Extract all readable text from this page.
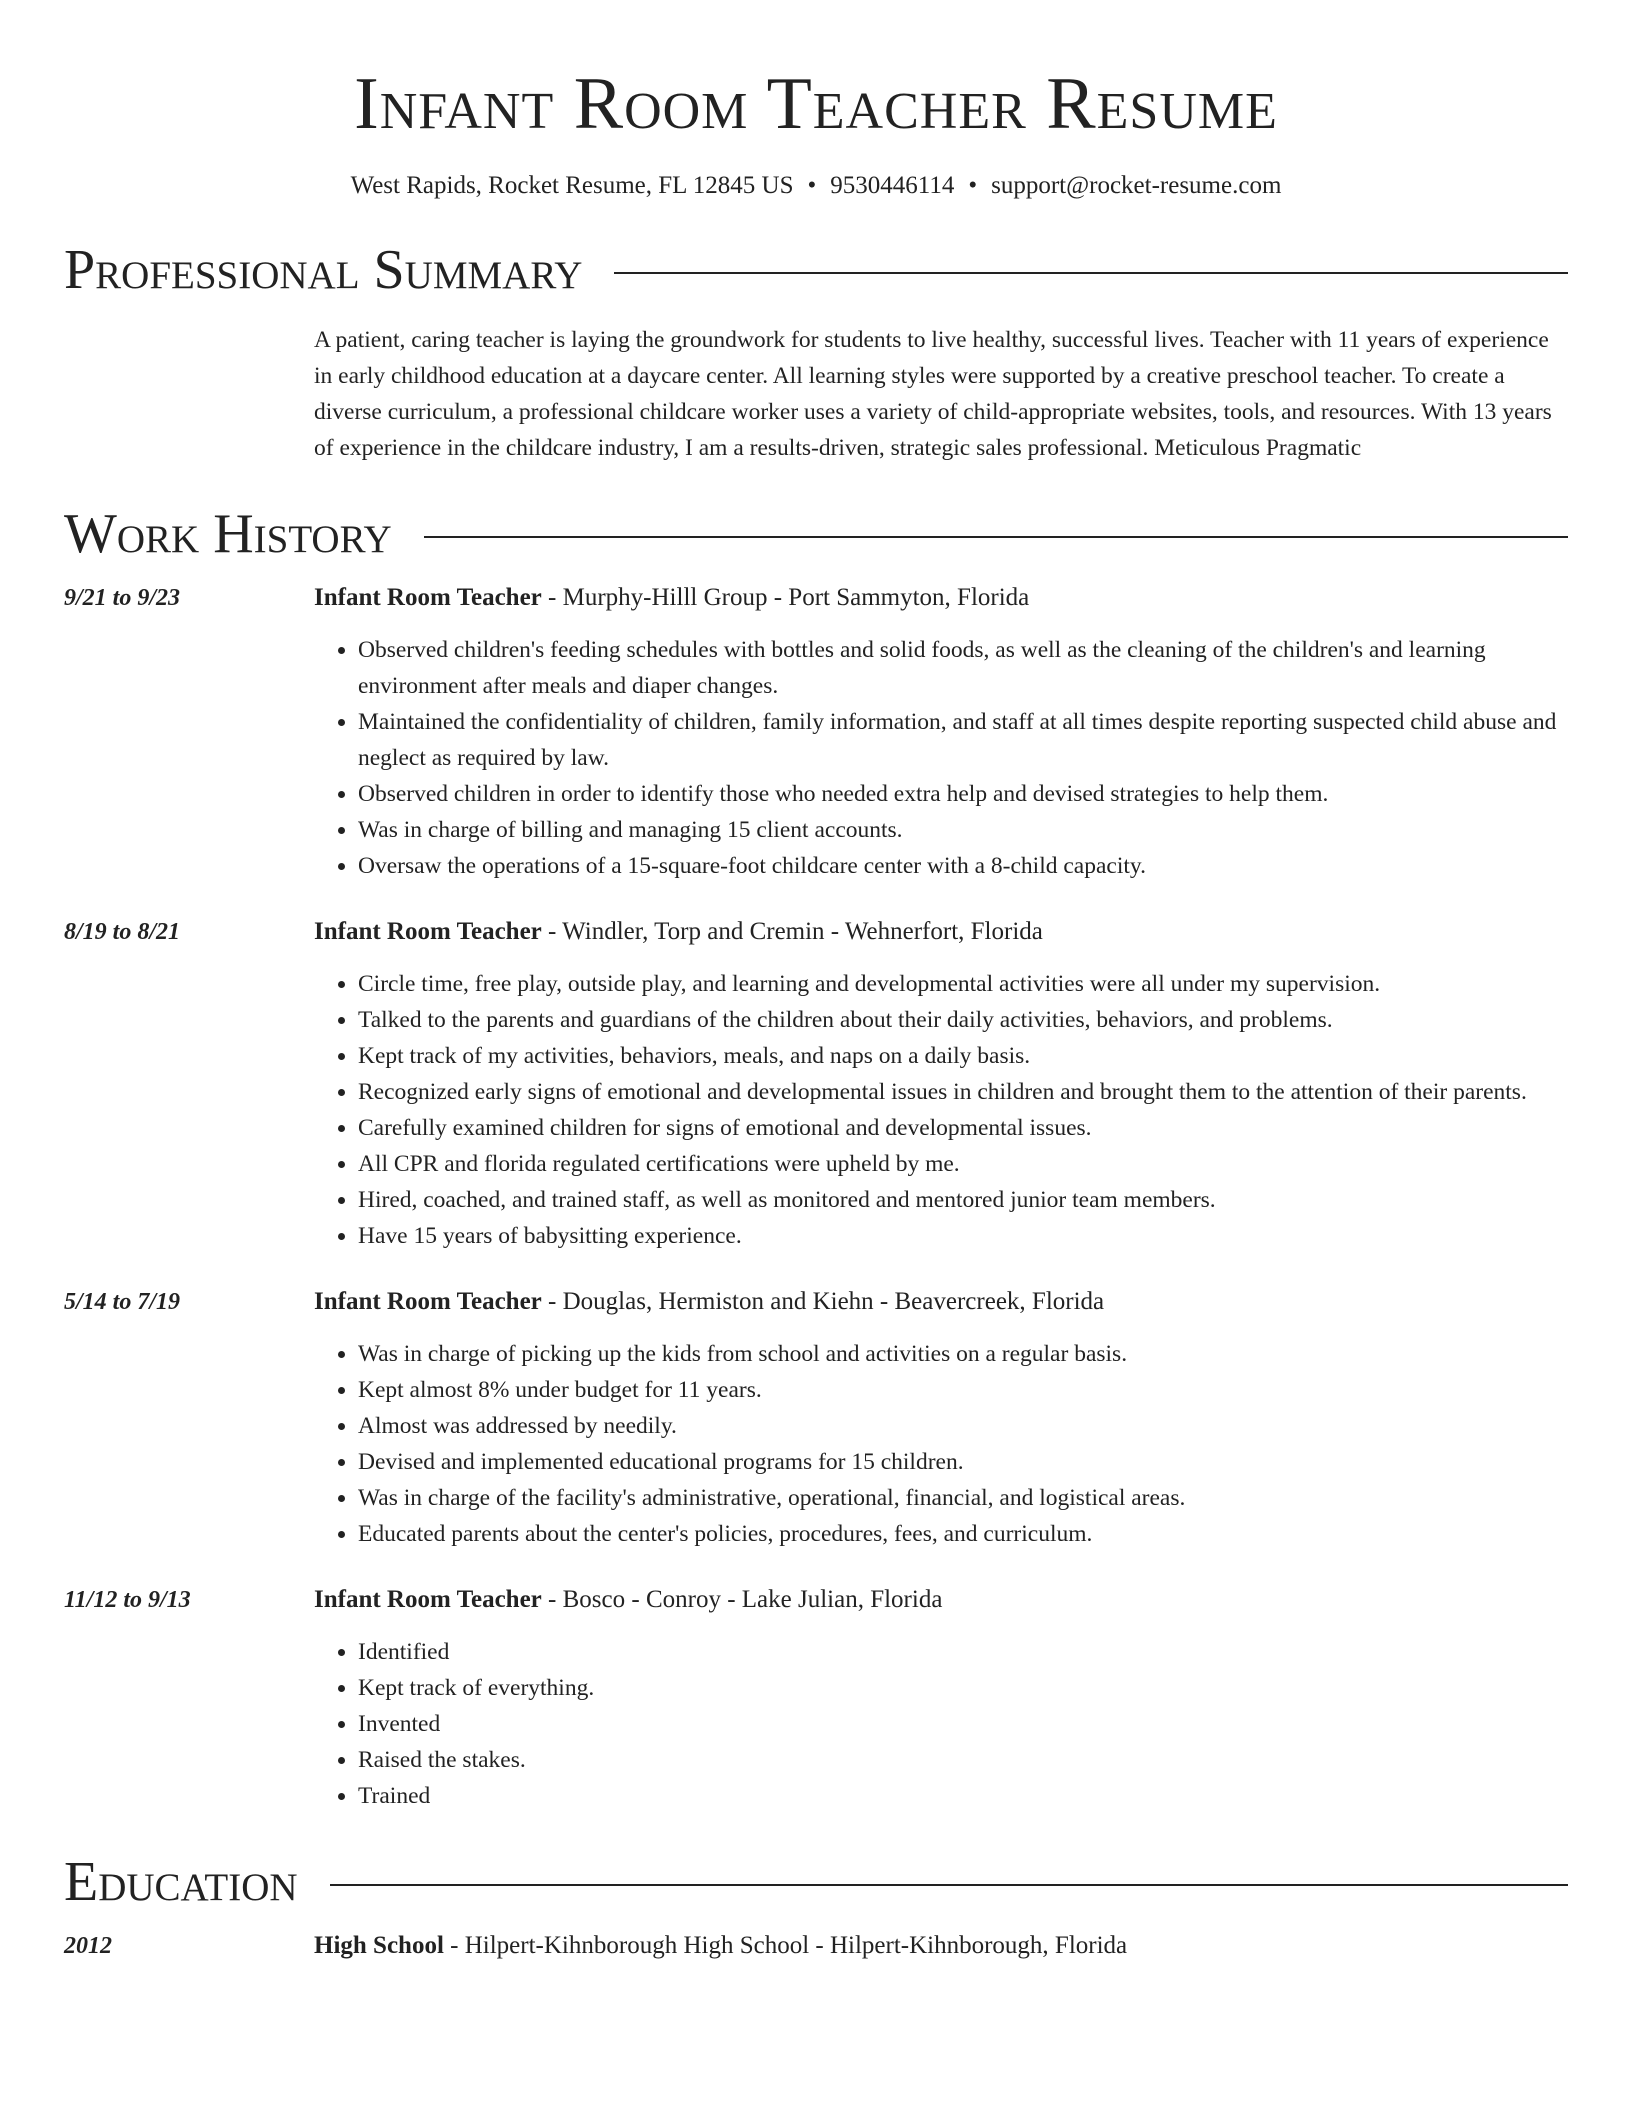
Infant Room Teacher Resume
West Rapids, Rocket Resume, FL 12845 US • 9530446114 • support@rocket-resume.com
Professional Summary
A patient, caring teacher is laying the groundwork for students to live healthy, successful lives. Teacher with 11 years of experience in early childhood education at a daycare center. All learning styles were supported by a creative preschool teacher. To create a diverse curriculum, a professional childcare worker uses a variety of child-appropriate websites, tools, and resources. With 13 years of experience in the childcare industry, I am a results-driven, strategic sales professional. Meticulous Pragmatic
Work History
9/21 to 9/23	Infant Room Teacher - Murphy-Hilll Group - Port Sammyton, Florida
• Observed children's feeding schedules with bottles and solid foods, as well as the cleaning of the children's and learning environment after meals and diaper changes.
• Maintained the confidentiality of children, family information, and staff at all times despite reporting suspected child abuse and neglect as required by law.
• Observed children in order to identify those who needed extra help and devised strategies to help them.
• Was in charge of billing and managing 15 client accounts.
• Oversaw the operations of a 15-square-foot childcare center with a 8-child capacity.
8/19 to 8/21	Infant Room Teacher - Windler, Torp and Cremin - Wehnerfort, Florida
• Circle time, free play, outside play, and learning and developmental activities were all under my supervision.
• Talked to the parents and guardians of the children about their daily activities, behaviors, and problems.
• Kept track of my activities, behaviors, meals, and naps on a daily basis.
• Recognized early signs of emotional and developmental issues in children and brought them to the attention of their parents.
• Carefully examined children for signs of emotional and developmental issues.
• All CPR and florida regulated certifications were upheld by me.
• Hired, coached, and trained staff, as well as monitored and mentored junior team members.
• Have 15 years of babysitting experience.
5/14 to 7/19	Infant Room Teacher - Douglas, Hermiston and Kiehn - Beavercreek, Florida
• Was in charge of picking up the kids from school and activities on a regular basis.
• Kept almost 8% under budget for 11 years.
• Almost was addressed by needily.
• Devised and implemented educational programs for 15 children.
• Was in charge of the facility's administrative, operational, financial, and logistical areas.
• Educated parents about the center's policies, procedures, fees, and curriculum.
11/12 to 9/13	Infant Room Teacher - Bosco - Conroy - Lake Julian, Florida
• Identified
• Kept track of everything.
• Invented
• Raised the stakes.
• Trained
Education
2012	High School - Hilpert-Kihnborough High School - Hilpert-Kihnborough, Florida
